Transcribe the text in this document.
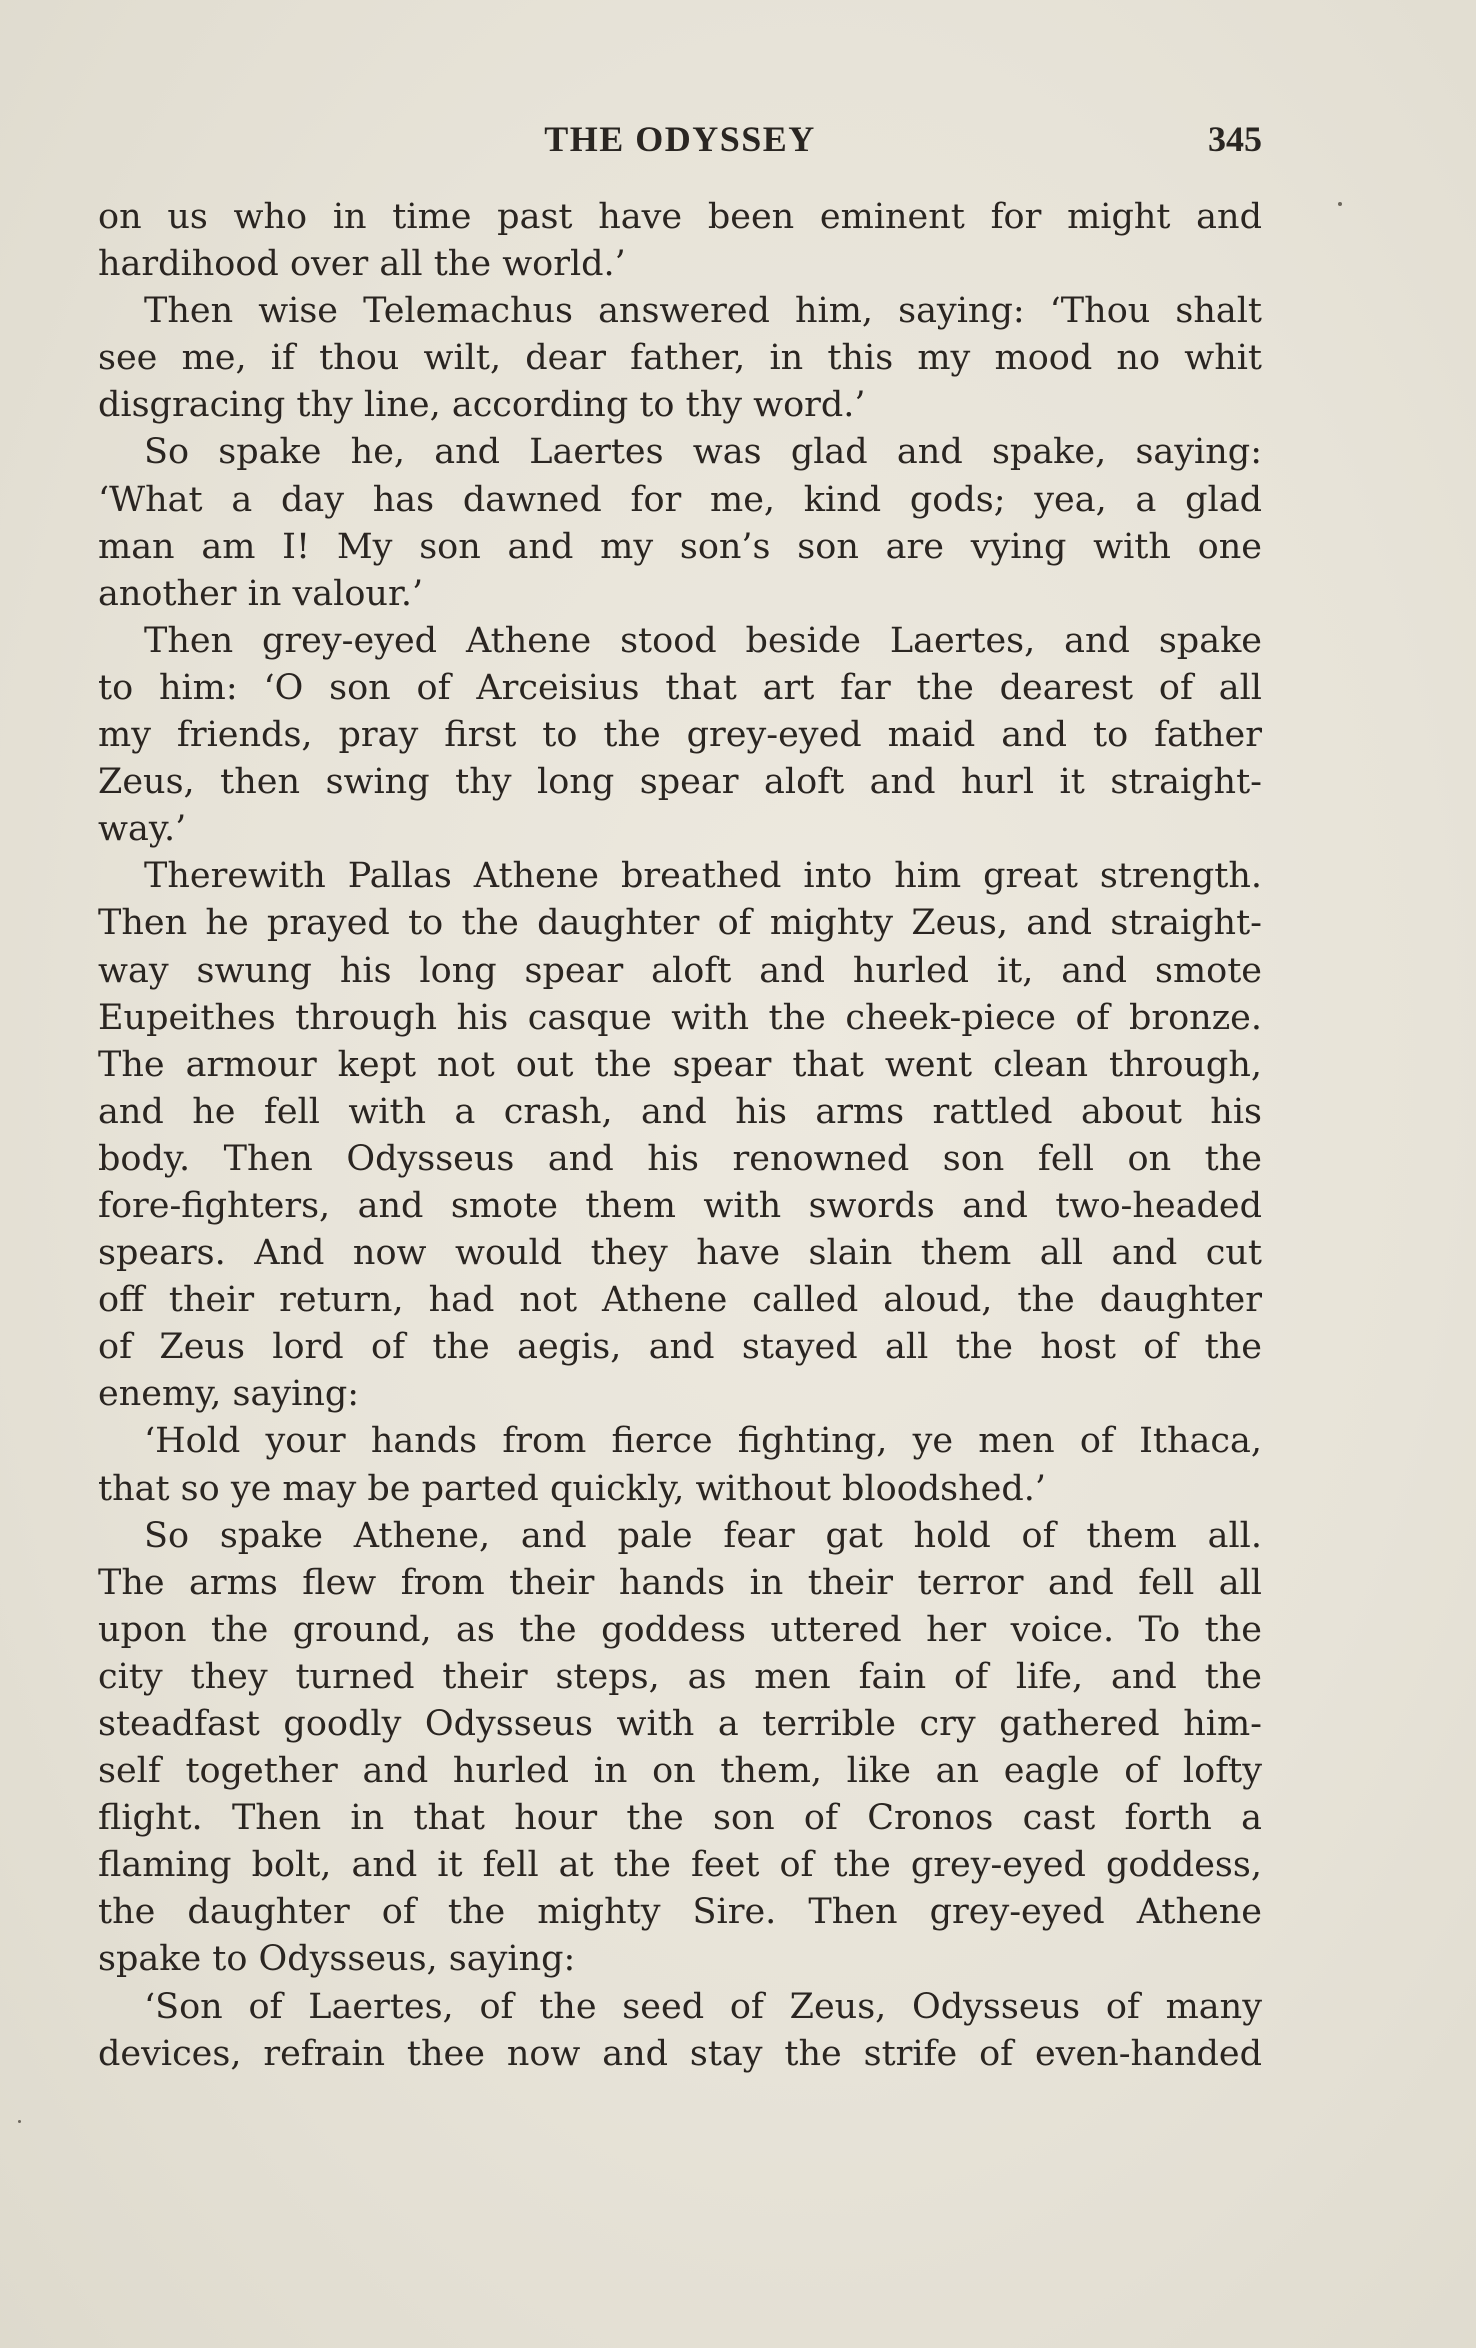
THE ODYSSEY	345
on us who in time past have been eminent for might and
hardihood over all the world.’
Then wise Telemachus answered him, saying: ‘Thou shalt
see me, if thou wilt, dear father, in this my mood no whit
disgracing thy line, according to thy word.’
So spake he, and Laertes was glad and spake, saying:
‘What a day has dawned for me, kind gods; yea, a glad
man am I! My son and my son’s son are vying with one
another in valour.’
Then grey-eyed Athene stood beside Laertes, and spake
to him: ‘O son of Arceisius that art far the dearest of all
my friends, pray first to the grey-eyed maid and to father
Zeus, then swing thy long spear aloft and hurl it straight-
way.’
Therewith Pallas Athene breathed into him great strength.
Then he prayed to the daughter of mighty Zeus, and straight-
way swung his long spear aloft and hurled it, and smote
Eupeithes through his casque with the cheek-piece of bronze.
The armour kept not out the spear that went clean through,
and he fell with a crash, and his arms rattled about his
body. Then Odysseus and his renowned son fell on the
fore-fighters, and smote them with swords and two-headed
spears. And now would they have slain them all and cut
off their return, had not Athene called aloud, the daughter
of Zeus lord of the aegis, and stayed all the host of the
enemy, saying:
‘Hold your hands from fierce fighting, ye men of Ithaca,
that so ye may be parted quickly, without bloodshed.’
So spake Athene, and pale fear gat hold of them all.
The arms flew from their hands in their terror and fell all
upon the ground, as the goddess uttered her voice. To the
city they turned their steps, as men fain of life, and the
steadfast goodly Odysseus with a terrible cry gathered him-
self together and hurled in on them, like an eagle of lofty
flight. Then in that hour the son of Cronos cast forth a
flaming bolt, and it fell at the feet of the grey-eyed goddess,
the daughter of the mighty Sire. Then grey-eyed Athene
spake to Odysseus, saying:
‘Son of Laertes, of the seed of Zeus, Odysseus of many
devices, refrain thee now and stay the strife of even-handed
